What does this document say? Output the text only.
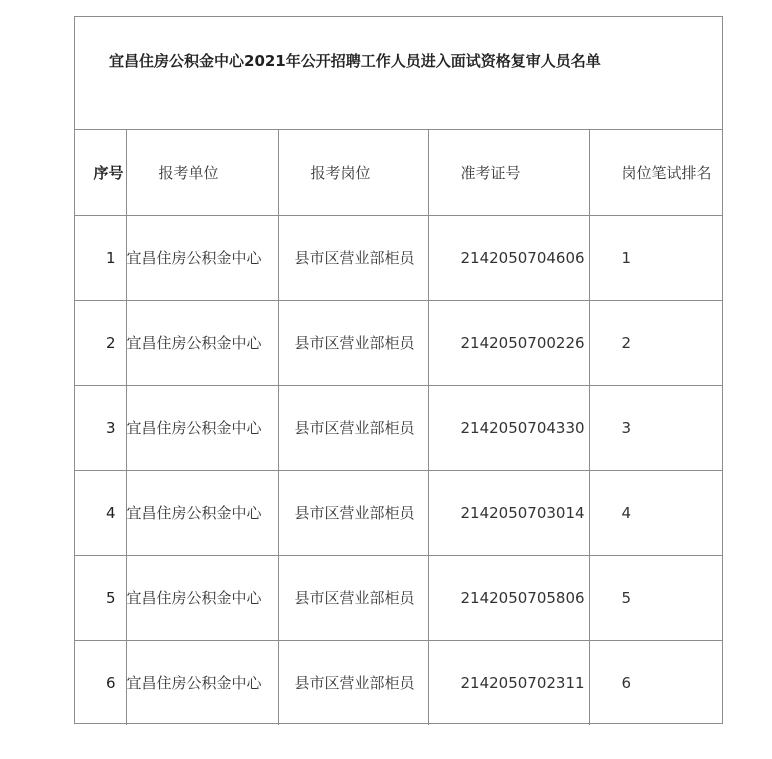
宜昌住房公积金中心2021年公开招聘工作人员进入面试资格复审人员名单
序号	报考单位	报考岗位	准考证号	岗位笔试排名
1	宜昌住房公积金中心	县市区营业部柜员	2142050704606	1
2	宜昌住房公积金中心	县市区营业部柜员	2142050700226	2
3	宜昌住房公积金中心	县市区营业部柜员	2142050704330	3
4	宜昌住房公积金中心	县市区营业部柜员	2142050703014	4
5	宜昌住房公积金中心	县市区营业部柜员	2142050705806	5
6	宜昌住房公积金中心	县市区营业部柜员	2142050702311	6
